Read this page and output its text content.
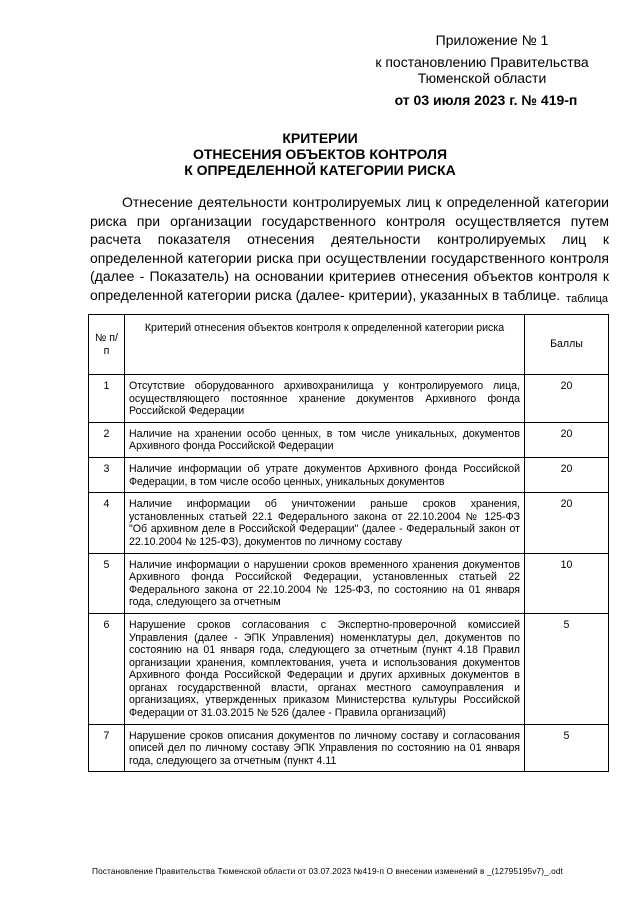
Приложение № 1
к постановлению Правительства
Тюменской области
от 03 июля 2023 г. № 419-п
КРИТЕРИИ
ОТНЕСЕНИЯ ОБЪЕКТОВ КОНТРОЛЯ
К ОПРЕДЕЛЕННОЙ КАТЕГОРИИ РИСКА
Отнесение деятельности контролируемых лиц к определенной категории риска при организации государственного контроля осуществляется путем расчета показателя отнесения деятельности контролируемых лиц к определенной категории риска при осуществлении государственного контроля (далее - Показатель) на основании критериев отнесения объектов контроля к определенной категории риска (далее- критерии), указанных в таблице. таблица
№ п/п	Критерий отнесения объектов контроля к определенной категории риска	Баллы
1	Отсутствие оборудованного архивохранилища у контролируемого лица, осуществляющего постоянное хранение документов Архивного фонда Российской Федерации	20
2	Наличие на хранении особо ценных, в том числе уникальных, документов Архивного фонда Российской Федерации	20
3	Наличие информации об утрате документов Архивного фонда Российской Федерации, в том числе особо ценных, уникальных документов	20
4	Наличие информации об уничтожении раньше сроков хранения, установленных статьей 22.1 Федерального закона от 22.10.2004 № 125-ФЗ "Об архивном деле в Российской Федерации" (далее - Федеральный закон от 22.10.2004 № 125-ФЗ), документов по личному составу	20
5	Наличие информации о нарушении сроков временного хранения документов Архивного фонда Российской Федерации, установленных статьей 22 Федерального закона от 22.10.2004 № 125-ФЗ, по состоянию на 01 января года, следующего за отчетным	10
6	Нарушение сроков согласования с Экспертно-проверочной комиссией Управления (далее - ЭПК Управления) номенклатуры дел, документов по состоянию на 01 января года, следующего за отчетным (пункт 4.18 Правил организации хранения, комплектования, учета и использования документов Архивного фонда Российской Федерации и других архивных документов в органах государственной власти, органах местного самоуправления и организациях, утвержденных приказом Министерства культуры Российской Федерации от 31.03.2015 № 526 (далее - Правила организаций)	5
7	Нарушение сроков описания документов по личному составу и согласования описей дел по личному составу ЭПК Управления по состоянию на 01 января года, следующего за отчетным (пункт 4.11	5
Постановление Правительства Тюменской области от 03.07.2023 №419-п О внесении изменений в _(12795195v7)_.odt
